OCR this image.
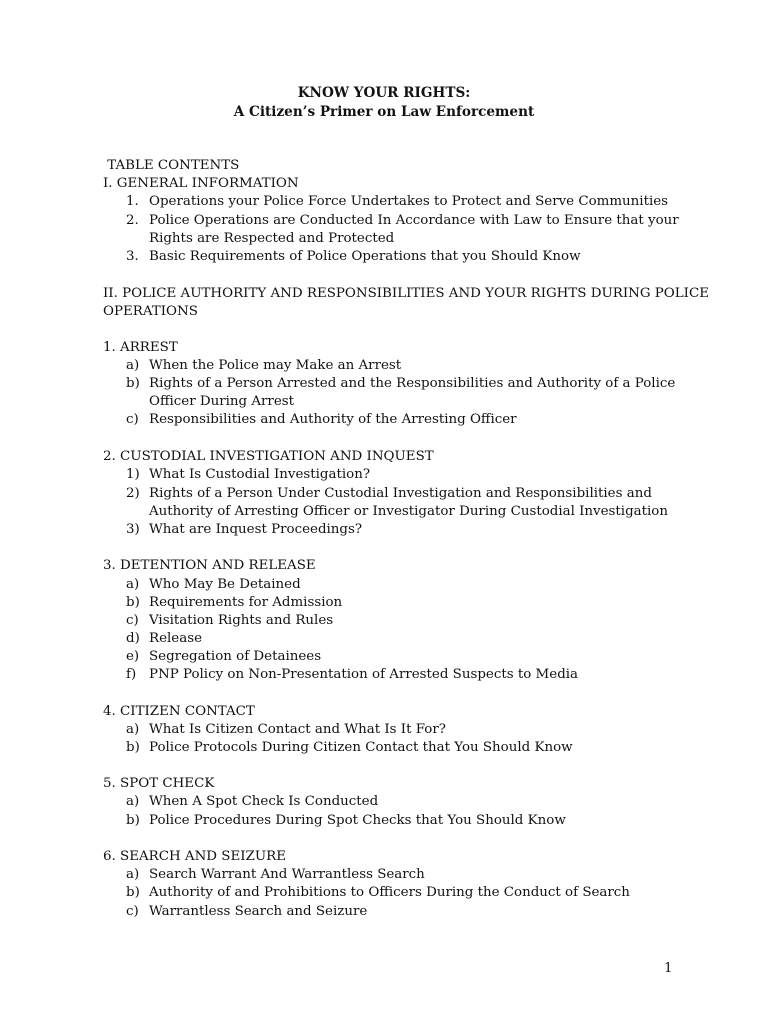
KNOW YOUR RIGHTS:
A Citizen’s Primer on Law Enforcement
TABLE CONTENTS
I. GENERAL INFORMATION
1. Operations your Police Force Undertakes to Protect and Serve Communities
2. Police Operations are Conducted In Accordance with Law to Ensure that your
Rights are Respected and Protected
3. Basic Requirements of Police Operations that you Should Know
II. POLICE AUTHORITY AND RESPONSIBILITIES AND YOUR RIGHTS DURING POLICE
OPERATIONS
1. ARREST
a) When the Police may Make an Arrest
b) Rights of a Person Arrested and the Responsibilities and Authority of a Police
Officer During Arrest
c) Responsibilities and Authority of the Arresting Officer
2. CUSTODIAL INVESTIGATION AND INQUEST
1) What Is Custodial Investigation?
2) Rights of a Person Under Custodial Investigation and Responsibilities and
Authority of Arresting Officer or Investigator During Custodial Investigation
3) What are Inquest Proceedings?
3. DETENTION AND RELEASE
a) Who May Be Detained
b) Requirements for Admission
c) Visitation Rights and Rules
d) Release
e) Segregation of Detainees
f) PNP Policy on Non-Presentation of Arrested Suspects to Media
4. CITIZEN CONTACT
a) What Is Citizen Contact and What Is It For?
b) Police Protocols During Citizen Contact that You Should Know
5. SPOT CHECK
a) When A Spot Check Is Conducted
b) Police Procedures During Spot Checks that You Should Know
6. SEARCH AND SEIZURE
a) Search Warrant And Warrantless Search
b) Authority of and Prohibitions to Officers During the Conduct of Search
c) Warrantless Search and Seizure
1
